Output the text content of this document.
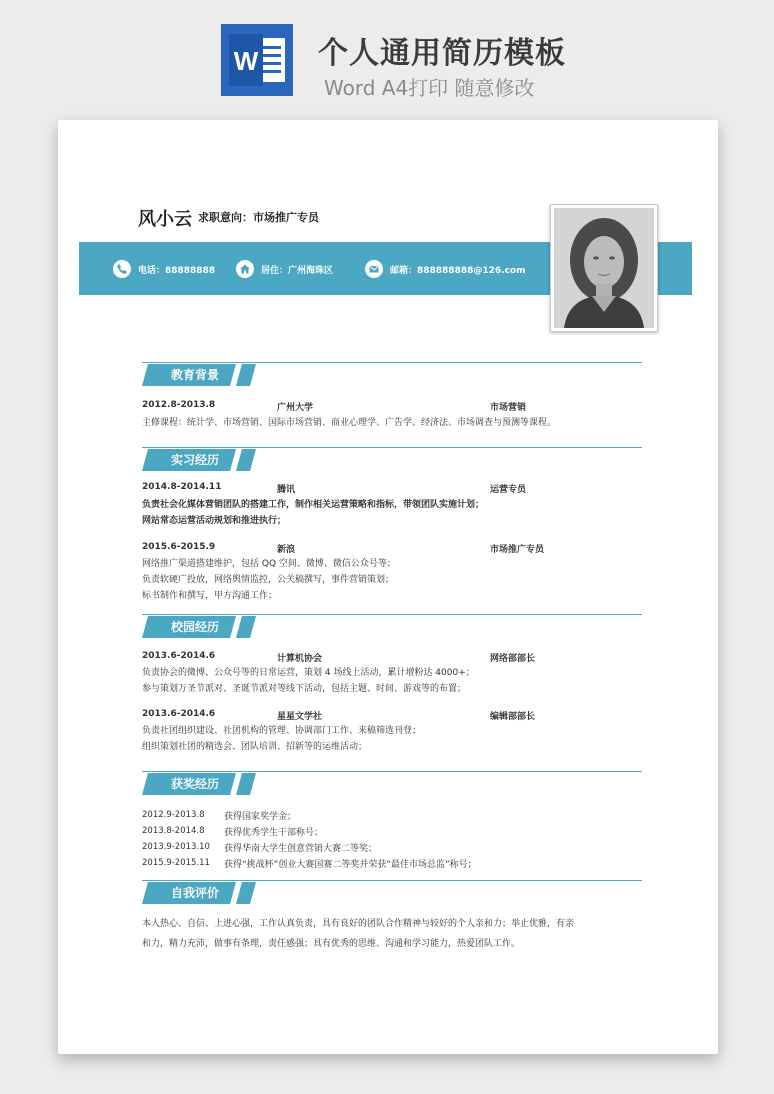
W 个人通用简历模板
Word A4打印 随意修改
风小云 求职意向：市场推广专员
电话：88888888	居住：广州海珠区	邮箱：888888888@126.com
教育背景
2012.8-2013.8	广州大学	市场营销
主修课程：统计学、市场营销、国际市场营销、商业心理学、广告学、经济法、市场调查与预测等课程。
实习经历
2014.8-2014.11	腾讯	运营专员
负责社会化媒体营销团队的搭建工作，制作相关运营策略和指标，带领团队实施计划；
网站常态运营活动规划和推进执行；
2015.6-2015.9	新浪	市场推广专员
网络推广渠道搭建维护，包括 QQ 空间、微博、微信公众号等；
负责软硬广投放，网络舆情监控，公关稿撰写，事件营销策划；
标书制作和撰写，甲方沟通工作；
校园经历
2013.6-2014.6	计算机协会	网络部部长
负责协会的微博、公众号等的日常运营，策划 4 场线上活动，累计增粉达 4000+；
参与策划万圣节派对、圣诞节派对等线下活动，包括主题、时间、游戏等的布置；
2013.6-2014.6	星星文学社	编辑部部长
负责社团组织建设、社团机构的管理、协调部门工作、来稿筛选刊登；
组织策划社团的精选会、团队培训、招新等的运维活动；
获奖经历
2012.9-2013.8 获得国家奖学金；
2013.8-2014.8 获得优秀学生干部称号；
2013.9-2013.10 获得华南大学生创意营销大赛二等奖；
2015.9-2015.11 获得“挑战杯”创业大赛国赛二等奖并荣获“最佳市场总监”称号；
自我评价
本人热心、自信、上进心强，工作认真负责，具有良好的团队合作精神与较好的个人亲和力；举止优雅，有亲
和力，精力充沛，做事有条理，责任感强；具有优秀的思维、沟通和学习能力，热爱团队工作。
